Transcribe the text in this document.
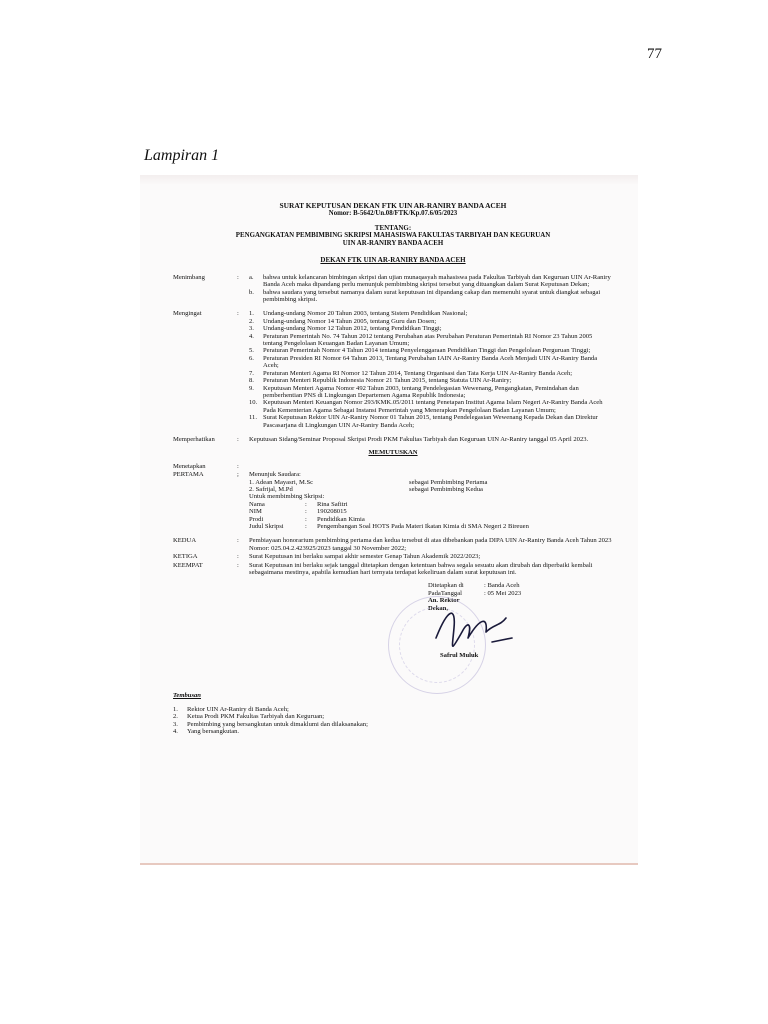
77
Lampiran 1
SURAT KEPUTUSAN DEKAN FTK UIN AR-RANIRY BANDA ACEH
Nomor: B-5642/Un.08/FTK/Kp.07.6/05/2023
TENTANG:
PENGANGKATAN PEMBIMBING SKRIPSI MAHASISWA FAKULTAS TARBIYAH DAN KEGURUAN
UIN AR-RANIRY BANDA ACEH
DEKAN FTK UIN AR-RANIRY BANDA ACEH
Menimbang	:	a.	bahwa untuk kelancaran bimbingan skripsi dan ujian munaqasyah mahasiswa pada Fakultas Tarbiyah dan Keguruan UIN Ar-Raniry Banda Aceh maka dipandang perlu menunjuk pembimbing skripsi tersebut yang dituangkan dalam Surat Keputusan Dekan;
b.	bahwa saudara yang tersebut namanya dalam surat keputusan ini dipandang cakap dan memenuhi syarat untuk diangkat sebagai pembimbing skripsi.
Mengingat	:	1.	Undang-undang Nomor 20 Tahun 2003, tentang Sistem Pendidikan Nasional;
2.	Undang-undang Nomor 14 Tahun 2005, tentang Guru dan Dosen;
3.	Undang-undang Nomor 12 Tahun 2012, tentang Pendidikan Tinggi;
4.	Peraturan Pemerintah No. 74 Tahun 2012 tentang Perubahan atas Perubahan Peraturan Pemerintah RI Nomor 23 Tahun 2005 tentang Pengelolaan Keuangan Badan Layanan Umum;
5.	Peraturan Pemerintah Nomor 4 Tahun 2014 tentang Penyelenggaraan Pendidikan Tinggi dan Pengelolaan Perguruan Tinggi;
6.	Peraturan Presiden RI Nomor 64 Tahun 2013, Tentang Perubahan IAIN Ar-Raniry Banda Aceh Menjadi UIN Ar-Raniry Banda Aceh;
7.	Peraturan Menteri Agama RI Nomor 12 Tahun 2014, Tentang Organisasi dan Tata Kerja UIN Ar-Raniry Banda Aceh;
8.	Peraturan Menteri Republik Indonesia Nomor 21 Tahun 2015, tentang Statuta UIN Ar-Raniry;
9.	Keputusan Menteri Agama Nomor 492 Tahun 2003, tentang Pendelegasian Wewenang, Pengangkatan, Pemindahan dan pemberhentian PNS di Lingkungan Departemen Agama Republik Indonesia;
10. Keputusan Menteri Keuangan Nomor 293/KMK.05/2011 tentang Penetapan Institut Agama Islam Negeri Ar-Raniry Banda Aceh Pada Kementerian Agama Sebagai Instansi Pemerintah yang Menerapkan Pengelolaan Badan Layanan Umum;
11. Surat Keputusan Rektor UIN Ar-Raniry Nomor 01 Tahun 2015, tentang Pendelegasian Wewenang Kepada Dekan dan Direktur Pascasarjana di Lingkungan UIN Ar-Raniry Banda Aceh;
Memperhatikan	:	Keputusan Sidang/Seminar Proposal Skripsi Prodi PKM Fakultas Tarbiyah dan Keguruan UIN Ar-Raniry tanggal 05 April 2023.
MEMUTUSKAN
Menetapkan	:
PERTAMA	;	Menunjuk Saudara:
1. Adean Mayasri, M.Sc	sebagai Pembimbing Pertama
2. Safrijal, M.Pd	sebagai Pembimbing Kedua
Untuk membimbing Skripsi:
Nama	:	Rina Safitri
NIM	:	190208015
Prodi	:	Pendidikan Kimia
Judul Skripsi	:	Pengembangan Soal HOTS Pada Materi Ikatan Kimia di SMA Negeri 2 Bireuen
KEDUA	:	Pembiayaan honorarium pembimbing pertama dan kedua tersebut di atas dibebankan pada DIPA UIN Ar-Raniry Banda Aceh Tahun 2023 Nomor: 025.04.2.423925/2023 tanggal 30 November 2022;
KETIGA	:	Surat Keputusan ini berlaku sampai akhir semester Genap Tahun Akademik 2022/2023;
KEEMPAT	:	Surat Keputusan ini berlaku sejak tanggal ditetapkan dengan ketentuan bahwa segala sesuatu akan dirubah dan diperbaiki kembali sebagaimana mestinya, apabila kemudian hari ternyata terdapat kekeliruan dalam surat keputusan ini.
Ditetapkan di	: Banda Aceh
PadaTanggal	: 05 Mei 2023
An. Rektor
Dekan,
Safrul Muluk
Tembusan
1.	Rektor UIN Ar-Raniry di Banda Aceh;
2.	Ketua Prodi PKM Fakultas Tarbiyah dan Keguruan;
3.	Pembimbing yang bersangkutan untuk dimaklumi dan dilaksanakan;
4.	Yang bersangkutan.
